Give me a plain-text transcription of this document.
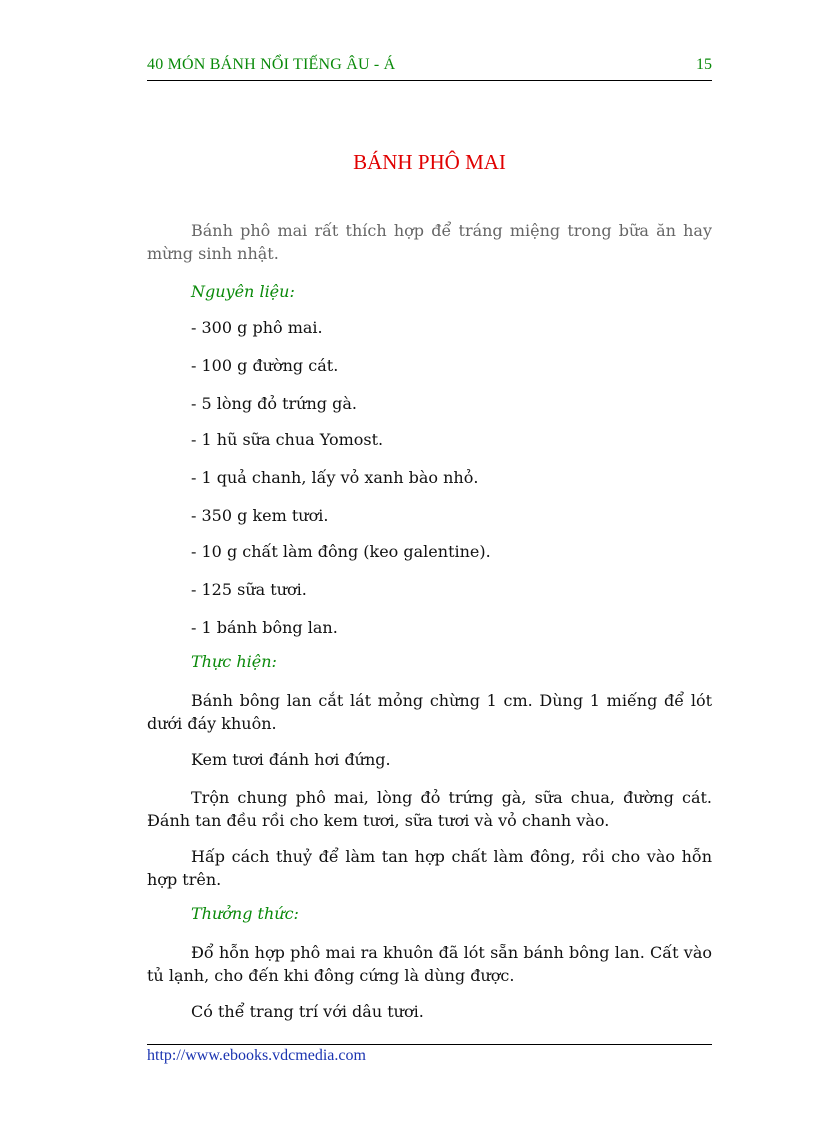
40 MÓN BÁNH NỔI TIẾNG ÂU - Á	15
BÁNH PHÔ MAI
Bánh phô mai rất thích hợp để tráng miệng trong bữa ăn hay mừng sinh nhật.
Nguyên liệu:
- 300 g phô mai.
- 100 g đường cát.
- 5 lòng đỏ trứng gà.
- 1 hũ sữa chua Yomost.
- 1 quả chanh, lấy vỏ xanh bào nhỏ.
- 350 g kem tươi.
- 10 g chất làm đông (keo galentine).
- 125 sữa tươi.
- 1 bánh bông lan.
Thực hiện:
Bánh bông lan cắt lát mỏng chừng 1 cm. Dùng 1 miếng để lót dưới đáy khuôn.
Kem tươi đánh hơi đứng.
Trộn chung phô mai, lòng đỏ trứng gà, sữa chua, đường cát. Đánh tan đều rồi cho kem tươi, sữa tươi và vỏ chanh vào.
Hấp cách thuỷ để làm tan hợp chất làm đông, rồi cho vào hỗn hợp trên.
Thưởng thức:
Đổ hỗn hợp phô mai ra khuôn đã lót sẵn bánh bông lan. Cất vào tủ lạnh, cho đến khi đông cứng là dùng được.
Có thể trang trí với dâu tươi.
http://www.ebooks.vdcmedia.com
